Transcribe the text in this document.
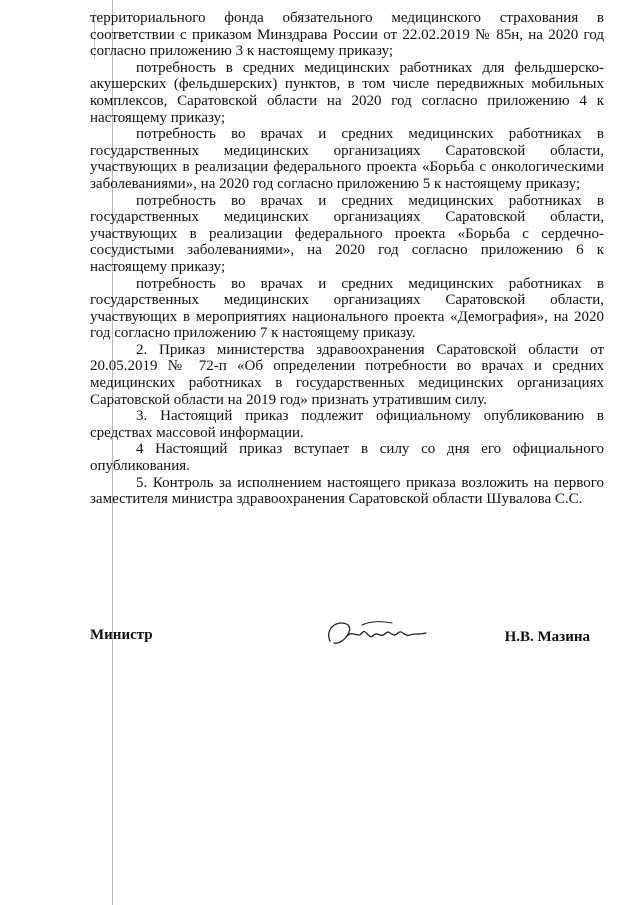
территориального фонда обязательного медицинского страхования в соответствии с приказом Минздрава России от 22.02.2019 № 85н, на 2020 год согласно приложению 3 к настоящему приказу;

потребность в средних медицинских работниках для фельдшерско-акушерских (фельдшерских) пунктов, в том числе передвижных мобильных комплексов, Саратовской области на 2020 год согласно приложению 4 к настоящему приказу;

потребность во врачах и средних медицинских работниках в государственных медицинских организациях Саратовской области, участвующих в реализации федерального проекта «Борьба с онкологическими заболеваниями», на 2020 год согласно приложению 5 к настоящему приказу;

потребность во врачах и средних медицинских работниках в государственных медицинских организациях Саратовской области, участвующих в реализации федерального проекта «Борьба с сердечно-сосудистыми заболеваниями», на 2020 год согласно приложению 6 к настоящему приказу;

потребность во врачах и средних медицинских работниках в государственных медицинских организациях Саратовской области, участвующих в мероприятиях национального проекта «Демография», на 2020 год согласно приложению 7 к настоящему приказу.

2. Приказ министерства здравоохранения Саратовской области от 20.05.2019 № 72-п «Об определении потребности во врачах и средних медицинских работниках в государственных медицинских организациях Саратовской области на 2019 год» признать утратившим силу.

3. Настоящий приказ подлежит официальному опубликованию в средствах массовой информации.

4 Настоящий приказ вступает в силу со дня его официального опубликования.

5. Контроль за исполнением настоящего приказа возложить на первого заместителя министра здравоохранения Саратовской области Шувалова С.С.

Министр	Н.В. Мазина
